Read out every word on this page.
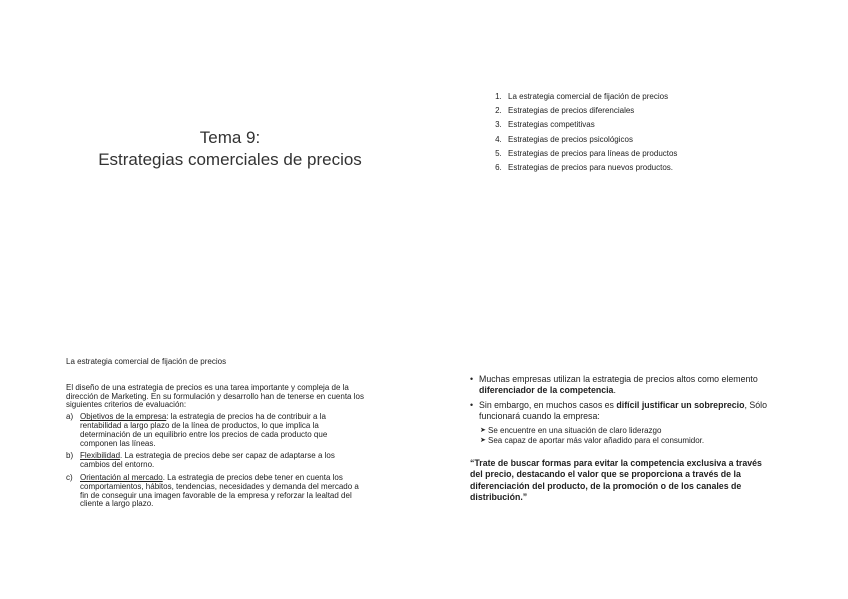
Tema 9:
Estrategias comerciales de precios
1. La estrategia comercial de fijación de precios
2. Estrategias de precios diferenciales
3. Estrategias competitivas
4. Estrategias de precios psicológicos
5. Estrategias de precios para líneas de productos
6. Estrategias de precios para nuevos productos.
La estrategia comercial de fijación de precios
El diseño de una estrategia de precios es una tarea importante y compleja de la dirección de Marketing. En su formulación y desarrollo han de tenerse en cuenta los siguientes criterios de evaluación:
a) Objetivos de la empresa: la estrategia de precios ha de contribuir a la rentabilidad a largo plazo de la línea de productos, lo que implica la determinación de un equilibrio entre los precios de cada producto que componen las líneas.
b) Flexibilidad. La estrategia de precios debe ser capaz de adaptarse a los cambios del entorno.
c) Orientación al mercado. La estrategia de precios debe tener en cuenta los comportamientos, hábitos, tendencias, necesidades y demanda del mercado a fin de conseguir una imagen favorable de la empresa y reforzar la lealtad del cliente a largo plazo.
• Muchas empresas utilizan la estrategia de precios altos como elemento diferenciador de la competencia.
• Sin embargo, en muchos casos es difícil justificar un sobreprecio, Sólo funcionará cuando la empresa:
➤ Se encuentre en una situación de claro liderazgo
➤ Sea capaz de aportar más valor añadido para el consumidor.
“Trate de buscar formas para evitar la competencia exclusiva a través del precio, destacando el valor que se proporciona a través de la diferenciación del producto, de la promoción o de los canales de distribución.”
